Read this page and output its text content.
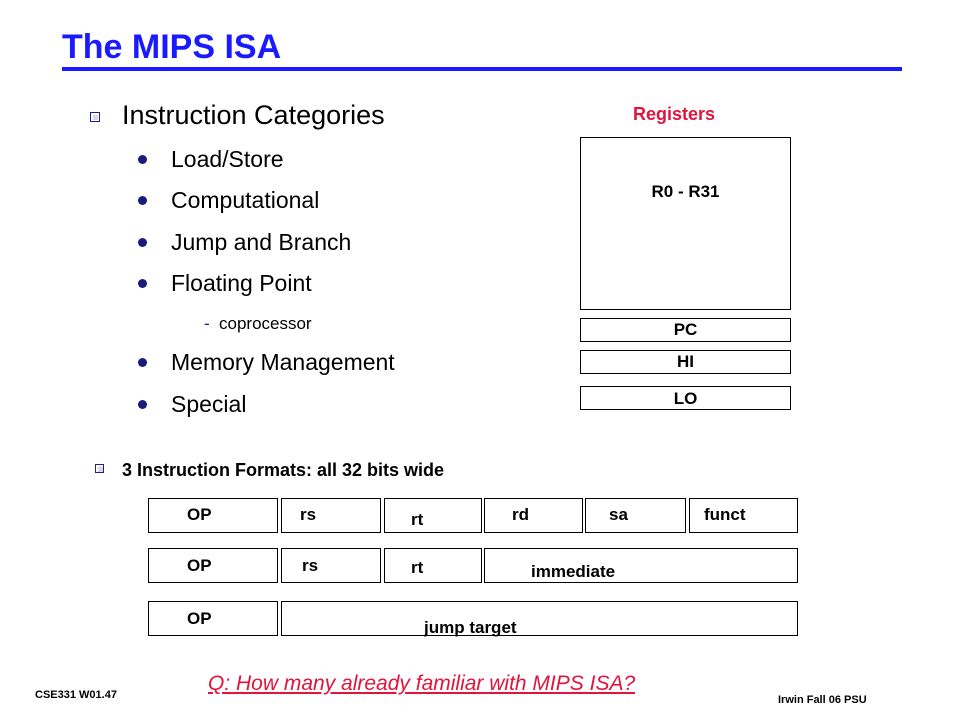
The MIPS ISA
Instruction Categories
Load/Store
Computational
Jump and Branch
Floating Point
- coprocessor
Memory Management
Special
Registers
R0 - R31
PC
HI
LO
3 Instruction Formats: all 32 bits wide
OP	rs	rt	rd	sa	funct
OP	rs	rt	immediate
OP	jump target
Q: How many already familiar with MIPS ISA?
CSE331 W01.47	Irwin Fall 06 PSU
